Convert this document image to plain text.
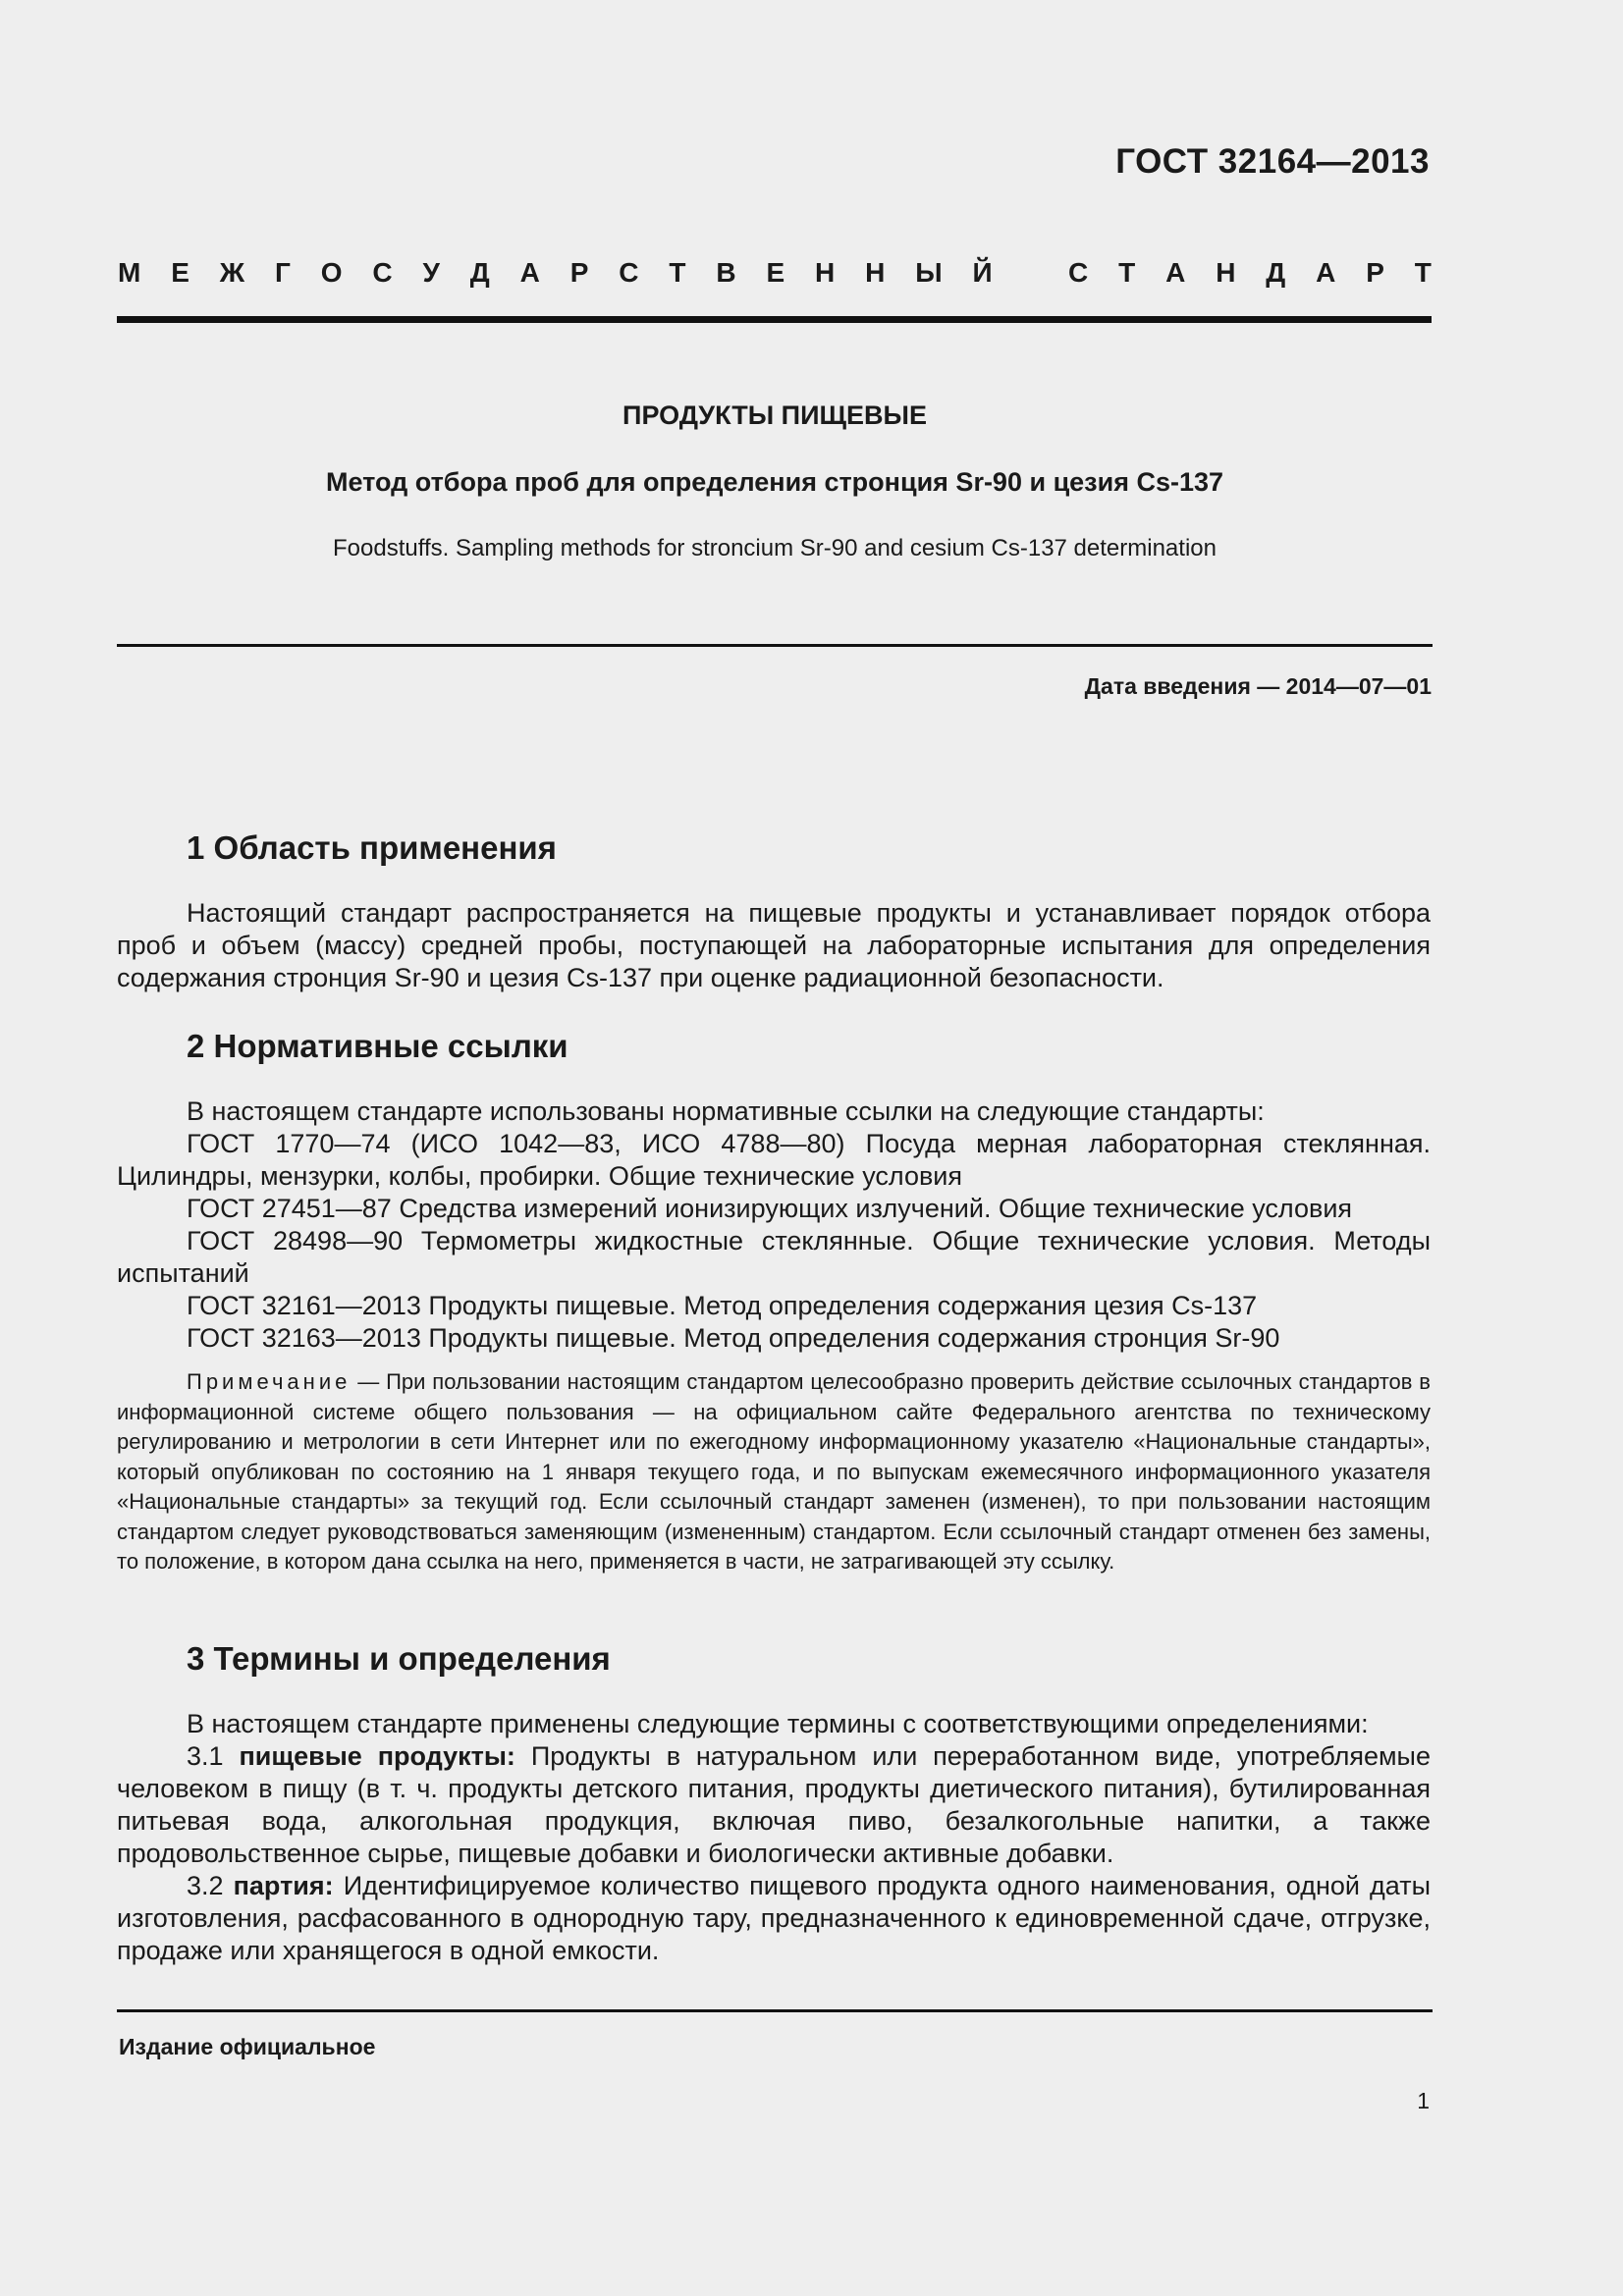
ГОСТ 32164—2013
М Е Ж Г О С У Д А Р С Т В Е Н Н Ы Й
	С Т А Н Д А Р Т
ПРОДУКТЫ ПИЩЕВЫЕ
Метод отбора проб для определения стронция Sr-90 и цезия Cs-137
Foodstuffs. Sampling methods for stroncium Sr-90 and cesium Cs-137 determination
Дата введения — 2014—07—01
1 Область применения

Настоящий стандарт распространяется на пищевые продукты и устанавливает порядок отбора проб и объем (массу) средней пробы, поступающей на лабораторные испытания для определения содержания стронция Sr-90 и цезия Cs-137 при оценке радиационной безопасности.

2 Нормативные ссылки

В настоящем стандарте использованы нормативные ссылки на следующие стандарты:

ГОСТ 1770—74 (ИСО 1042—83, ИСО 4788—80) Посуда мерная лабораторная стеклянная. Цилиндры, мензурки, колбы, пробирки. Общие технические условия

ГОСТ 27451—87 Средства измерений ионизирующих излучений. Общие технические условия

ГОСТ 28498—90 Термометры жидкостные стеклянные. Общие технические условия. Методы испытаний

ГОСТ 32161—2013 Продукты пищевые. Метод определения содержания цезия Cs-137

ГОСТ 32163—2013 Продукты пищевые. Метод определения содержания стронция Sr-90

Примечание — При пользовании настоящим стандартом целесообразно проверить действие ссылочных стандартов в информационной системе общего пользования — на официальном сайте Федерального агентства по техническому регулированию и метрологии в сети Интернет или по ежегодному информационному указателю «Национальные стандарты», который опубликован по состоянию на 1 января текущего года, и по выпускам ежемесячного информационного указателя «Национальные стандарты» за текущий год. Если ссылочный стандарт заменен (изменен), то при пользовании настоящим стандартом следует руководствоваться заменяющим (измененным) стандартом. Если ссылочный стандарт отменен без замены, то положение, в котором дана ссылка на него, применяется в части, не затрагивающей эту ссылку.

3 Термины и определения

В настоящем стандарте применены следующие термины с соответствующими определениями:

3.1 пищевые продукты: Продукты в натуральном или переработанном виде, употребляемые человеком в пищу (в т. ч. продукты детского питания, продукты диетического питания), бутилированная питьевая вода, алкогольная продукция, включая пиво, безалкогольные напитки, а также продовольственное сырье, пищевые добавки и биологически активные добавки.

3.2 партия: Идентифицируемое количество пищевого продукта одного наименования, одной даты изготовления, расфасованного в однородную тару, предназначенного к единовременной сдаче, отгрузке, продаже или хранящегося в одной емкости.

Издание официальное
1
